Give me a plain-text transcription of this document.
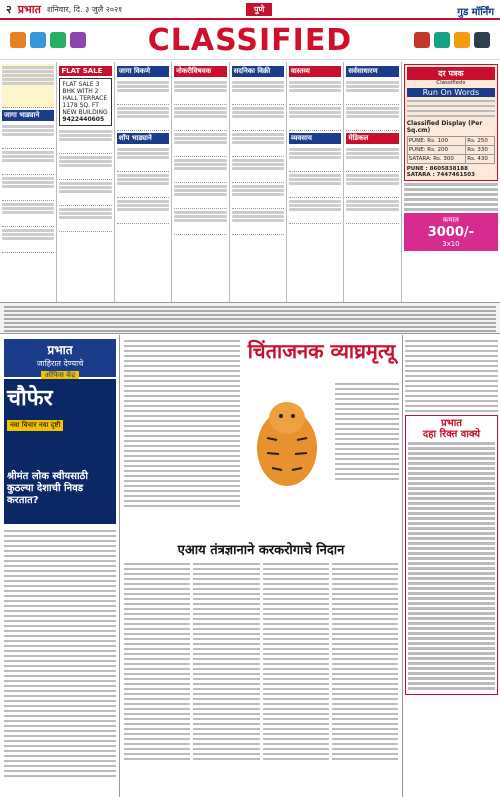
२ प्रभात शनिवार, दि. ३ जुलै २०२१	पुणे	गुड मॉर्निंग
CLASSIFIED
जागा भाड्याने
FLAT SALE
FLAT SALE 3 BHK WITH 2 HALL TERRACE 1178 SQ. FT NEW BUILDING
9422440605
जागा विकणे
शॉप भाड्याने
नोकरीविषयक	सदनिका विक्री	वास्तव्य
व्यवसाय
सर्वसाधारण
मेडिकल
दर पत्रक
Classifieds
Run On Words
Classified Display (Per Sq.cm)
PUNE: Rs. 100	Rs. 250
PUNE: Rs. 200	Rs. 330
SATARA: Rs. 300	Rs. 430
PUNE : 8605838188
SATARA : 7447461503
कमाल
3000/-
3x10
प्रभात
जाहिरात देण्याचे
ऑफिस केंद्र
चौफेर
नवा विचार नवा दृष्टी
श्रीमंत लोक स्वीयसाठी कुठल्या देशाची निवड करतात?
चिंताजनक व्याघ्रमृत्यू
प्रभात
दहा रिक्त वाक्ये
एआय तंत्रज्ञानाने करकरोगाचे निदान
